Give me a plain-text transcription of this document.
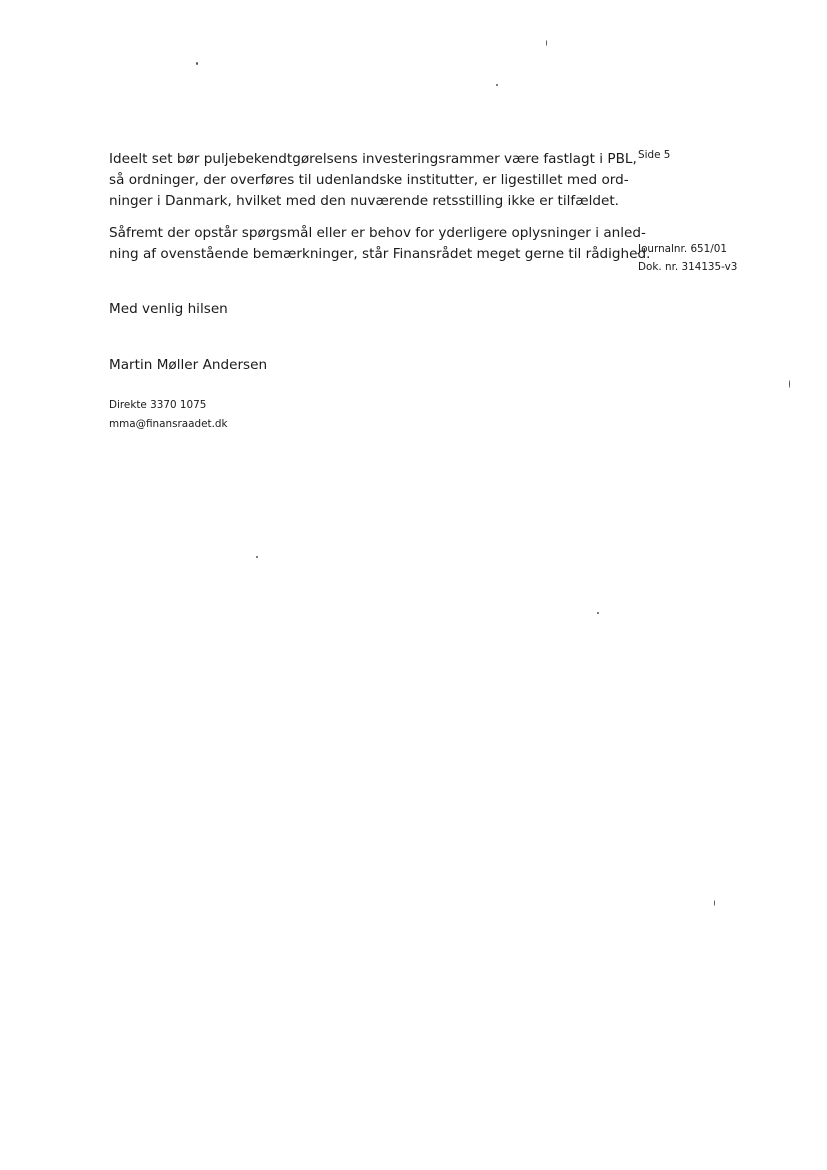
Ideelt set bør puljebekendtgørelsens investeringsrammer være fastlagt i PBL,
så ordninger, der overføres til udenlandske institutter, er ligestillet med ord-
ninger i Danmark, hvilket med den nuværende retsstilling ikke er tilfældet.
Såfremt der opstår spørgsmål eller er behov for yderligere oplysninger i anled-
ning af ovenstående bemærkninger, står Finansrådet meget gerne til rådighed.
Med venlig hilsen
Martin Møller Andersen
Direkte 3370 1075
mma@finansraadet.dk
Side 5
Journalnr. 651/01
Dok. nr. 314135-v3
